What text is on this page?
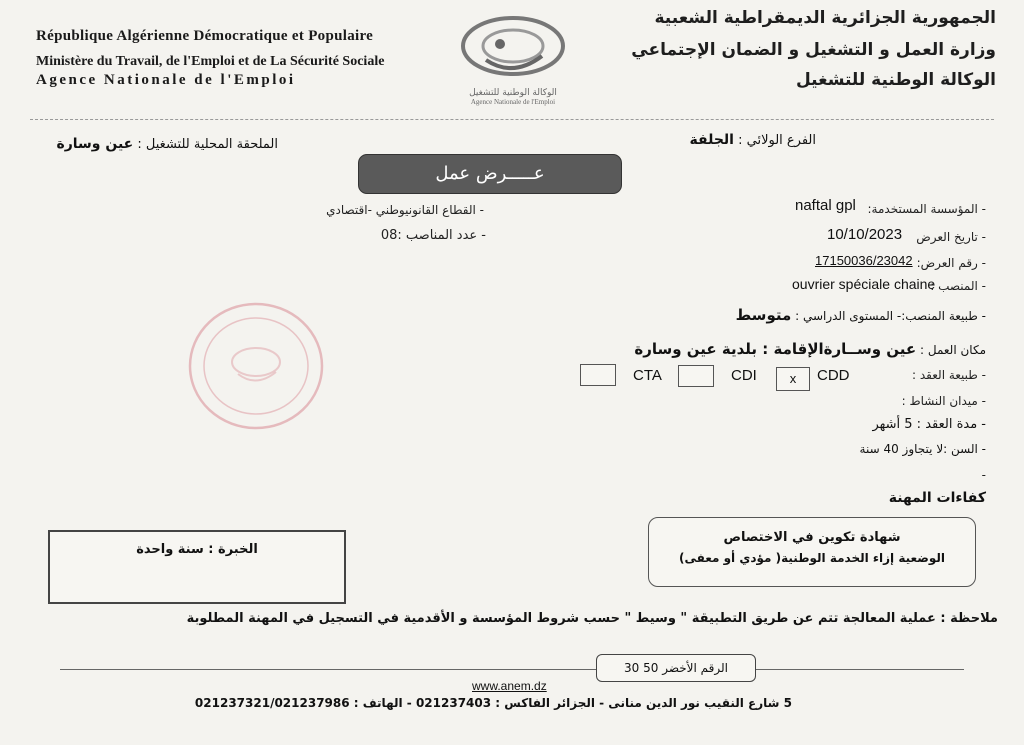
République Algérienne Démocratique et Populaire
Ministère du Travail, de l'Emploi et de La Sécurité Sociale
Agence Nationale de l'Emploi
الوكالة الوطنية للتشغيل
Agence Nationale de l'Emploi
الجمهورية الجزائرية الديمقراطية الشعبية
وزارة العمل و التشغيل و الضمان الإجتماعي
الوكالة الوطنية للتشغيل
الفرع الولائي : الجلفة
الملحقة المحلية للتشغيل : عين وسارة
عـــــرض عمل
- القطاع القانونيوطني -اقتصادي
- عدد المناصب :08
- المؤسسة المستخدمة:
naftal gpl
- تاريخ العرض
10/10/2023
- رقم العرض:
17150036/23042
- المنصب :
ouvrier spéciale chaine
- طبيعة المنصب:- المستوى الدراسي : متوسط
مكان العمل : عين وســارةالإقامة : بلدية عين وسارة
- طبيعة العقد :
CDD
x
CDI
CTA
- ميدان النشاط :
- مدة العقد : 5 أشهر
- السن :لا يتجاوز 40 سنة
-
كفاءات المهنة
شهادة تكوين في الاختصاص
الوضعية إزاء الخدمة الوطنية( مؤدي أو معفى)
الخبرة : سنة واحدة
ملاحظة : عملية المعالجة تتم عن طريق التطبيقة " وسيط " حسب شروط المؤسسة و الأقدمية في التسجيل في المهنة المطلوبة
الرقم الأخضر 50 30
www.anem.dz
5 شارع النقيب نور الدين منانى - الجزائر الفاكس : 021237403 - الهاتف : 021237321/021237986
